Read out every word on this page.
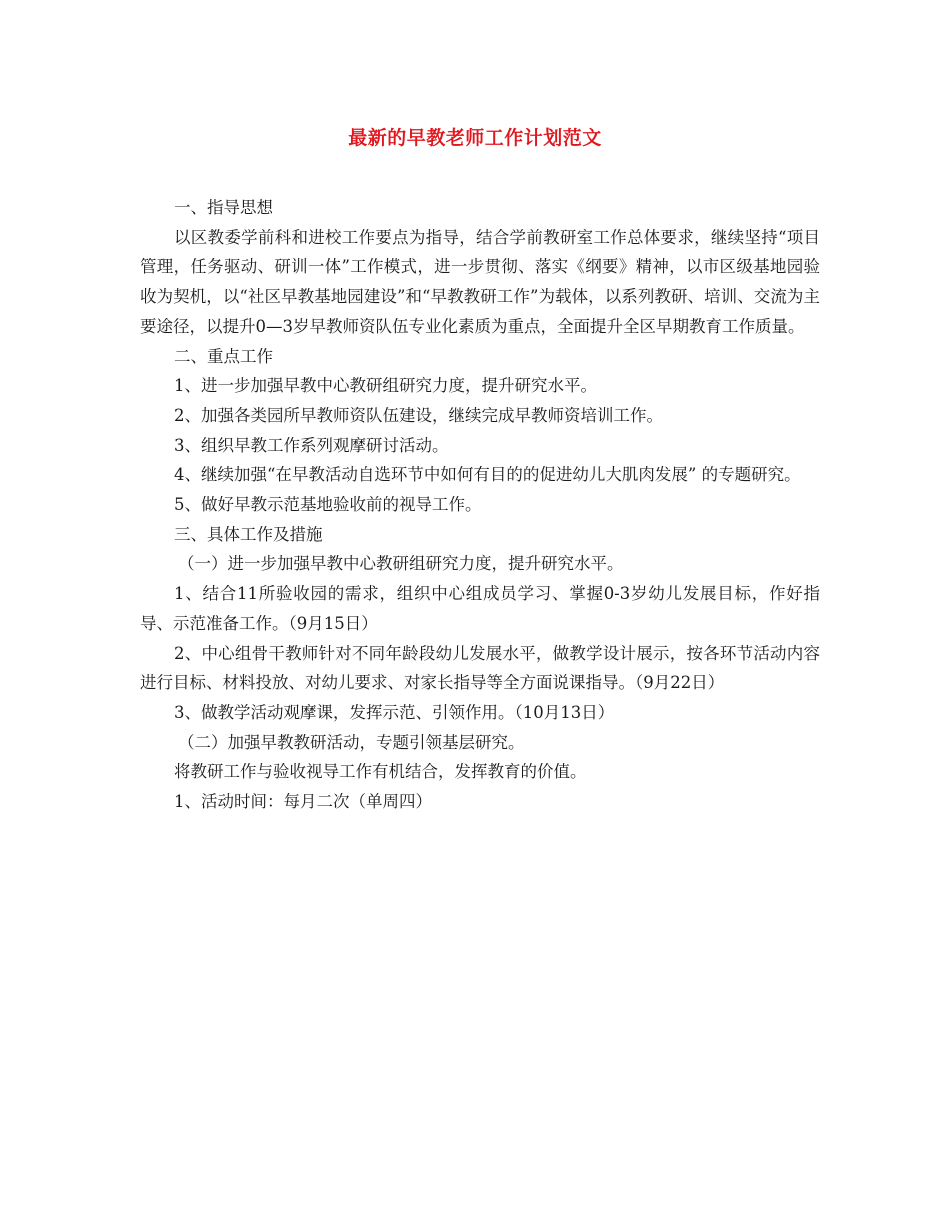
最新的早教老师工作计划范文

一、指导思想

以区教委学前科和进校工作要点为指导，结合学前教研室工作总体要求，继续坚持“项目管理，任务驱动、研训一体”工作模式，进一步贯彻、落实《纲要》精神，以市区级基地园验收为契机，以“社区早教基地园建设”和“早教教研工作”为载体，以系列教研、培训、交流为主要途径，以提升0—3岁早教师资队伍专业化素质为重点，全面提升全区早期教育工作质量。

二、重点工作

1、进一步加强早教中心教研组研究力度，提升研究水平。

2、加强各类园所早教师资队伍建设，继续完成早教师资培训工作。

3、组织早教工作系列观摩研讨活动。

4、继续加强“在早教活动自选环节中如何有目的的促进幼儿大肌肉发展” 的专题研究。

5、做好早教示范基地验收前的视导工作。

三、具体工作及措施

（一）进一步加强早教中心教研组研究力度，提升研究水平。

1、结合11所验收园的需求，组织中心组成员学习、掌握0-3岁幼儿发展目标，作好指导、示范准备工作。（9月15日）

2、中心组骨干教师针对不同年龄段幼儿发展水平，做教学设计展示，按各环节活动内容进行目标、材料投放、对幼儿要求、对家长指导等全方面说课指导。（9月22日）

3、做教学活动观摩课，发挥示范、引领作用。（10月13日）

（二）加强早教教研活动，专题引领基层研究。

将教研工作与验收视导工作有机结合，发挥教育的价值。

1、活动时间：每月二次（单周四）
